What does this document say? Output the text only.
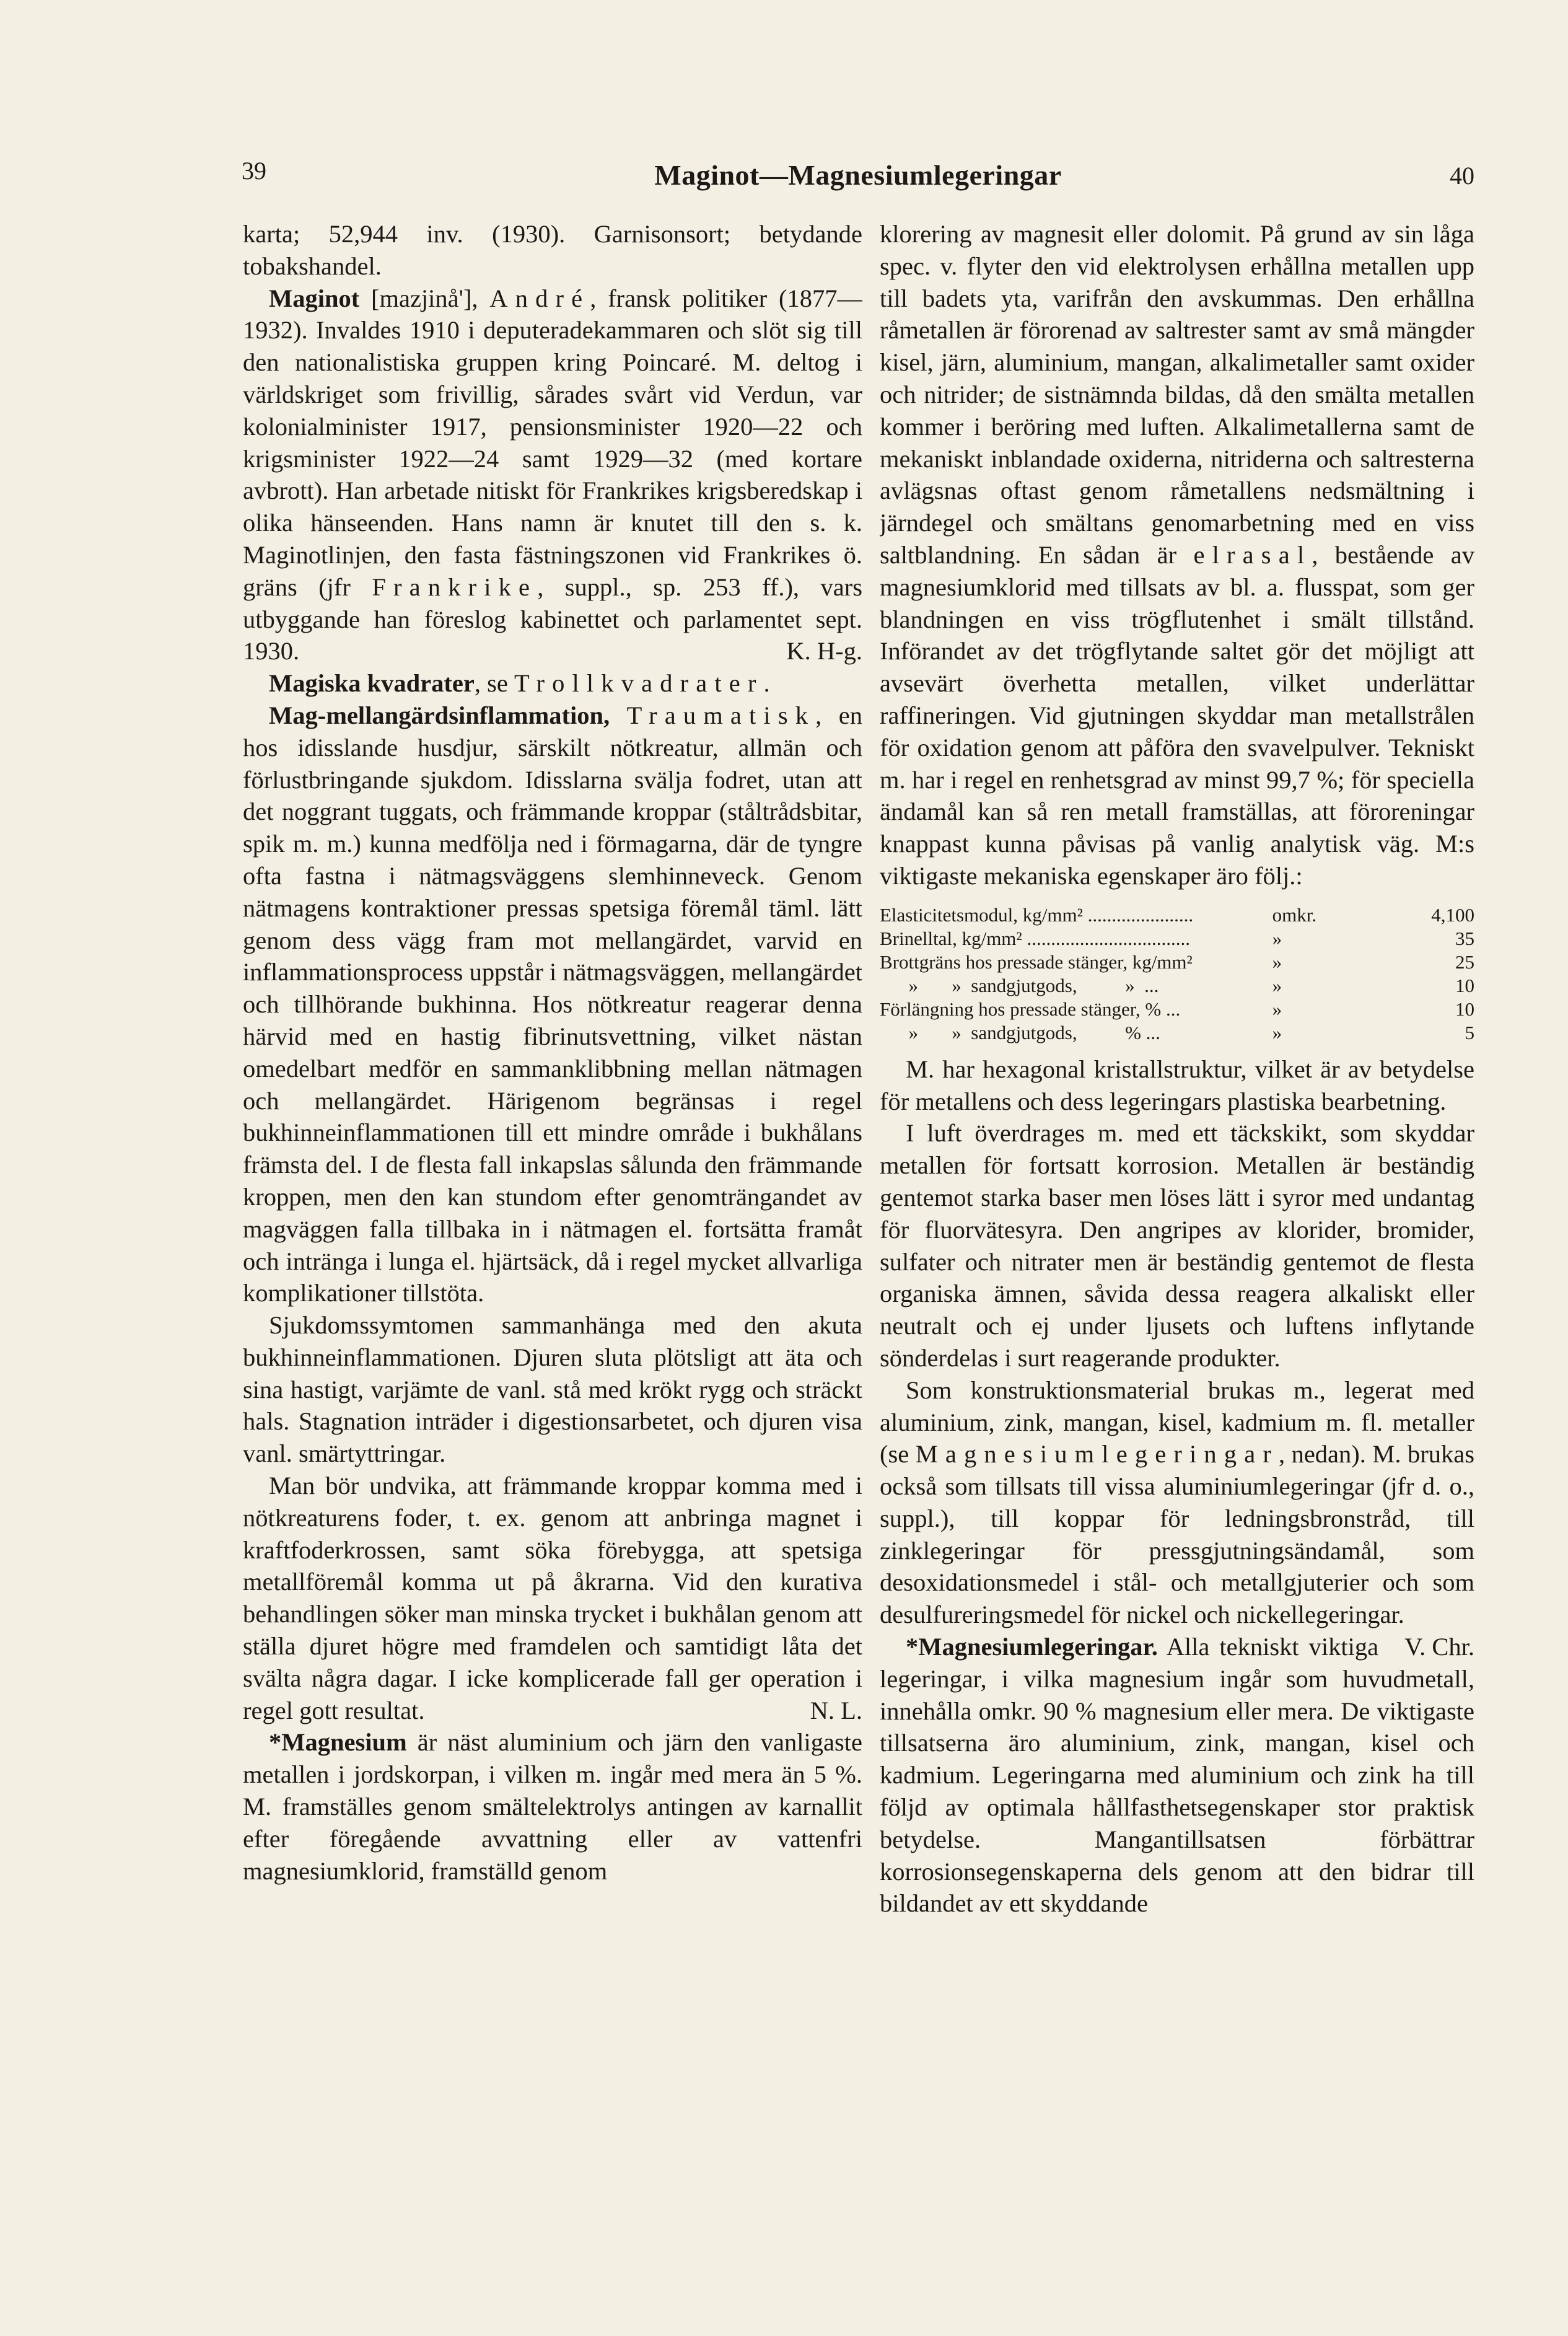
39	Maginot—Magnesiumlegeringar	40

karta; 52,944 inv. (1930). Garnisonsort; betydande tobakshandel.

Maginot [mazjinå'], André, fransk politiker (1877—1932). Invaldes 1910 i deputeradekammaren och slöt sig till den nationalistiska gruppen kring Poincaré. M. deltog i världskriget som frivillig, sårades svårt vid Verdun, var kolonialminister 1917, pensionsminister 1920—22 och krigsminister 1922—24 samt 1929—32 (med kortare avbrott). Han arbetade nitiskt för Frankrikes krigsberedskap i olika hänseenden. Hans namn är knutet till den s. k. Maginotlinjen, den fasta fästningszonen vid Frankrikes ö. gräns (jfr Frankrike, suppl., sp. 253 ff.), vars utbyggande han föreslog kabinettet och parlamentet sept. 1930.	K. H-g.

Magiska kvadrater, se Trollkvadrater.

Mag-mellangärdsinflammation, Traumatisk, en hos idisslande husdjur, särskilt nötkreatur, allmän och förlustbringande sjukdom. Idisslarna svälja fodret, utan att det noggrant tuggats, och främmande kroppar (ståltrådsbitar, spik m. m.) kunna medfölja ned i förmagarna, där de tyngre ofta fastna i nätmagsväggens slemhinneveck. Genom nätmagens kontraktioner pressas spetsiga föremål täml. lätt genom dess vägg fram mot mellangärdet, varvid en inflammationsprocess uppstår i nätmagsväggen, mellangärdet och tillhörande bukhinna. Hos nötkreatur reagerar denna härvid med en hastig fibrinutsvettning, vilket nästan omedelbart medför en sammanklibbning mellan nätmagen och mellangärdet. Härigenom begränsas i regel bukhinneinflammationen till ett mindre område i bukhålans främsta del. I de flesta fall inkapslas sålunda den främmande kroppen, men den kan stundom efter genomträngandet av magväggen falla tillbaka in i nätmagen el. fortsätta framåt och inträngа i lunga el. hjärtsäck, då i regel mycket allvarliga komplikationer tillstöta.

Sjukdomssymtomen sammanhänga med den akuta bukhinneinflammationen. Djuren sluta plötsligt att äta och sina hastigt, varjämte de vanl. stå med krökt rygg och sträckt hals. Stagnation inträder i digestionsarbetet, och djuren visa vanl. smärtyttringar.

Man bör undvika, att främmande kroppar komma med i nötkreaturens foder, t. ex. genom att anbringa magnet i kraftfoderkrossen, samt söka förebygga, att spetsiga metallföremål komma ut på åkrarna. Vid den kurativa behandlingen söker man minska trycket i bukhålan genom att ställa djuret högre med framdelen och samtidigt låta det svälta några dagar. I icke komplicerade fall ger operation i regel gott resultat.	N. L.

*Magnesium är näst aluminium och järn den vanligaste metallen i jordskorpan, i vilken m. ingår med mera än 5 %. M. framställes genom smältelektrolys antingen av karnallit efter föregående avvattning eller av vattenfri magnesiumklorid, framställd genom

klorering av magnesit eller dolomit. På grund av sin låga spec. v. flyter den vid elektrolysen erhållna metallen upp till badets yta, varifrån den avskummas. Den erhållna råmetallen är förorenad av saltrester samt av små mängder kisel, järn, aluminium, mangan, alkalimetaller samt oxider och nitrider; de sistnämnda bildas, då den smälta metallen kommer i beröring med luften. Alkalimetallerna samt de mekaniskt inblandade oxiderna, nitriderna och saltresterna avlägsnas oftast genom råmetallens nedsmältning i järndegel och smältans genomarbetning med en viss saltblandning. En sådan är elrasal, bestående av magnesiumklorid med tillsats av bl. a. flusspat, som ger blandningen en viss trögflutenhet i smält tillstånd. Införandet av det trögflytande saltet gör det möjligt att avsevärt överhetta metallen, vilket underlättar raffineringen. Vid gjutningen skyddar man metallstrålen för oxidation genom att påföra den svavelpulver. Tekniskt m. har i regel en renhetsgrad av minst 99,7 %; för speciella ändamål kan så ren metall framställas, att föroreningar knappast kunna påvisas på vanlig analytisk väg. M:s viktigaste mekaniska egenskaper äro följ.:

Elasticitetsmodul, kg/mm² ......................	omkr.	4,100
Brinelltal, kg/mm² ..................................	»	35
Brottgräns hos pressade stänger, kg/mm²	»	25
»       »  sandgjutgods,          »  ...	»	10
Förlängning hos pressade stänger, % ...	»	10
»       »  sandgjutgods,          % ...	»	5

M. har hexagonal kristallstruktur, vilket är av betydelse för metallens och dess legeringars plastiska bearbetning.

I luft överdrages m. med ett täckskikt, som skyddar metallen för fortsatt korrosion. Metallen är beständig gentemot starka baser men löses lätt i syror med undantag för fluorvätesyra. Den angripes av klorider, bromider, sulfater och nitrater men är beständig gentemot de flesta organiska ämnen, såvida dessa reagera alkaliskt eller neutralt och ej under ljusets och luftens inflytande sönderdelas i surt reagerande produkter.

Som konstruktionsmaterial brukas m., legerat med aluminium, zink, mangan, kisel, kadmium m. fl. metaller (se Magnesiumlegeringar, nedan). M. brukas också som tillsats till vissa aluminiumlegeringar (jfr d. o., suppl.), till koppar för ledningsbronstråd, till zinklegeringar för pressgjutningsändamål, som desoxidationsmedel i stål- och metallgjuterier och som desulfureringsmedel för nickel och nickellegeringar.
V. Chr.

*Magnesiumlegeringar. Alla tekniskt viktiga legeringar, i vilka magnesium ingår som huvudmetall, innehålla omkr. 90 % magnesium eller mera. De viktigaste tillsatserna äro aluminium, zink, mangan, kisel och kadmium. Legeringarna med aluminium och zink ha till följd av optimala hållfasthetsegenskaper stor praktisk betydelse. Mangantillsatsen förbättrar korrosionsegenskaperna dels genom att den bidrar till bildandet av ett skyddande
